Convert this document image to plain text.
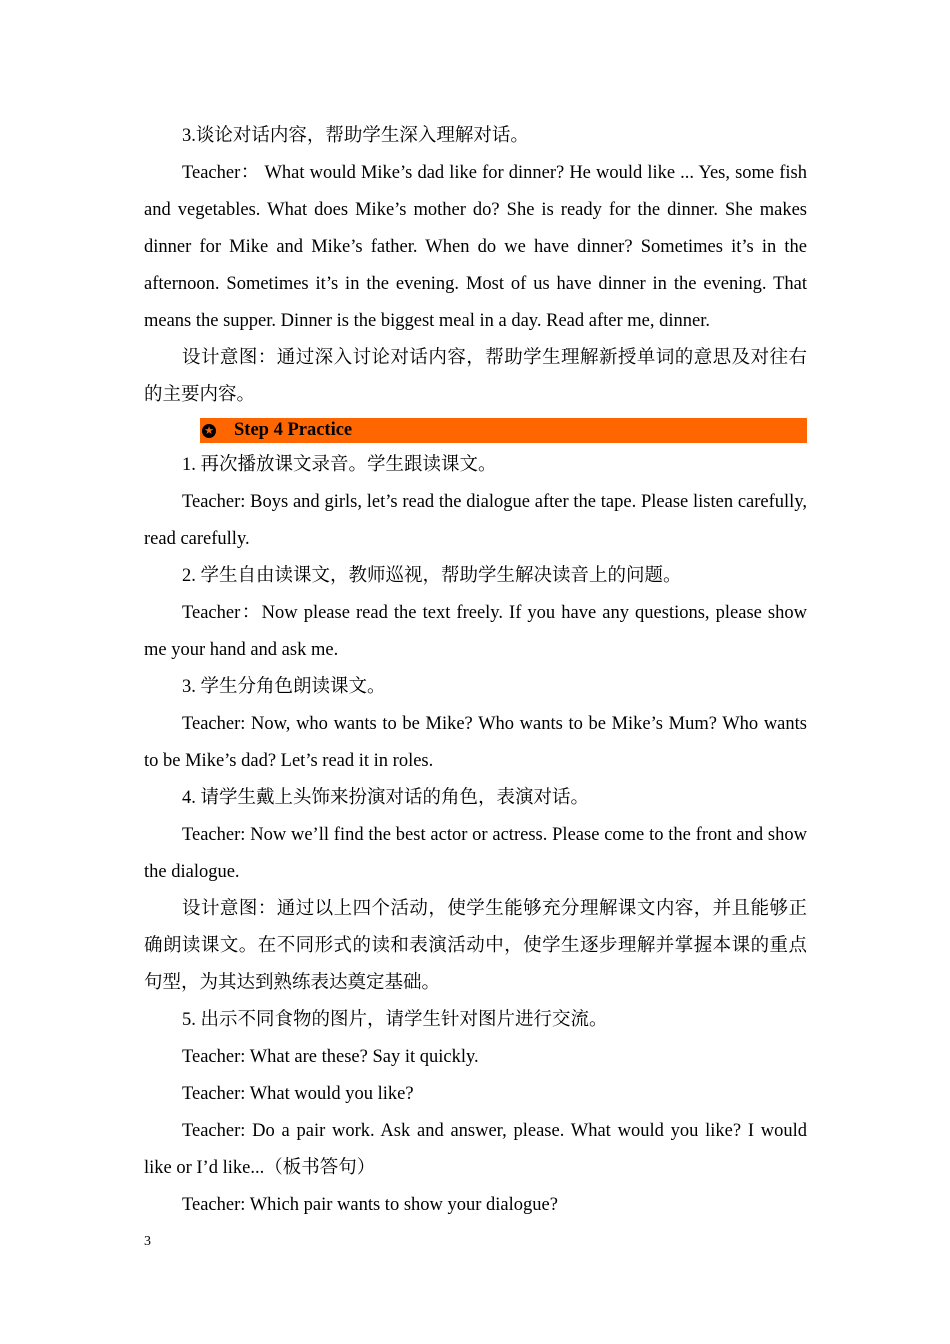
3.谈论对话内容，帮助学生深入理解对话。

Teacher： What would Mike’s dad like for dinner? He would like ... Yes, some fish and vegetables. What does Mike’s mother do? She is ready for the dinner. She makes dinner for Mike and Mike’s father. When do we have dinner? Sometimes it’s in the afternoon. Sometimes it’s in the evening. Most of us have dinner in the evening. That means the supper. Dinner is the biggest meal in a day. Read after me, dinner.

设计意图：通过深入讨论对话内容，帮助学生理解新授单词的意思及对往右的主要内容。

★ Step 4 Practice

1. 再次播放课文录音。学生跟读课文。

Teacher: Boys and girls, let’s read the dialogue after the tape. Please listen carefully, read carefully.

2. 学生自由读课文，教师巡视，帮助学生解决读音上的问题。

Teacher：Now please read the text freely. If you have any questions, please show me your hand and ask me.

3. 学生分角色朗读课文。

Teacher: Now, who wants to be Mike? Who wants to be Mike’s Mum? Who wants to be Mike’s dad? Let’s read it in roles.

4. 请学生戴上头饰来扮演对话的角色，表演对话。

Teacher: Now we’ll find the best actor or actress. Please come to the front and show the dialogue.

设计意图：通过以上四个活动，使学生能够充分理解课文内容，并且能够正确朗读课文。在不同形式的读和表演活动中，使学生逐步理解并掌握本课的重点句型，为其达到熟练表达奠定基础。

5. 出示不同食物的图片，请学生针对图片进行交流。

Teacher: What are these? Say it quickly.

Teacher: What would you like?

Teacher: Do a pair work. Ask and answer, please. What would you like? I would like or I’d like...（板书答句）

Teacher: Which pair wants to show your dialogue?

3
